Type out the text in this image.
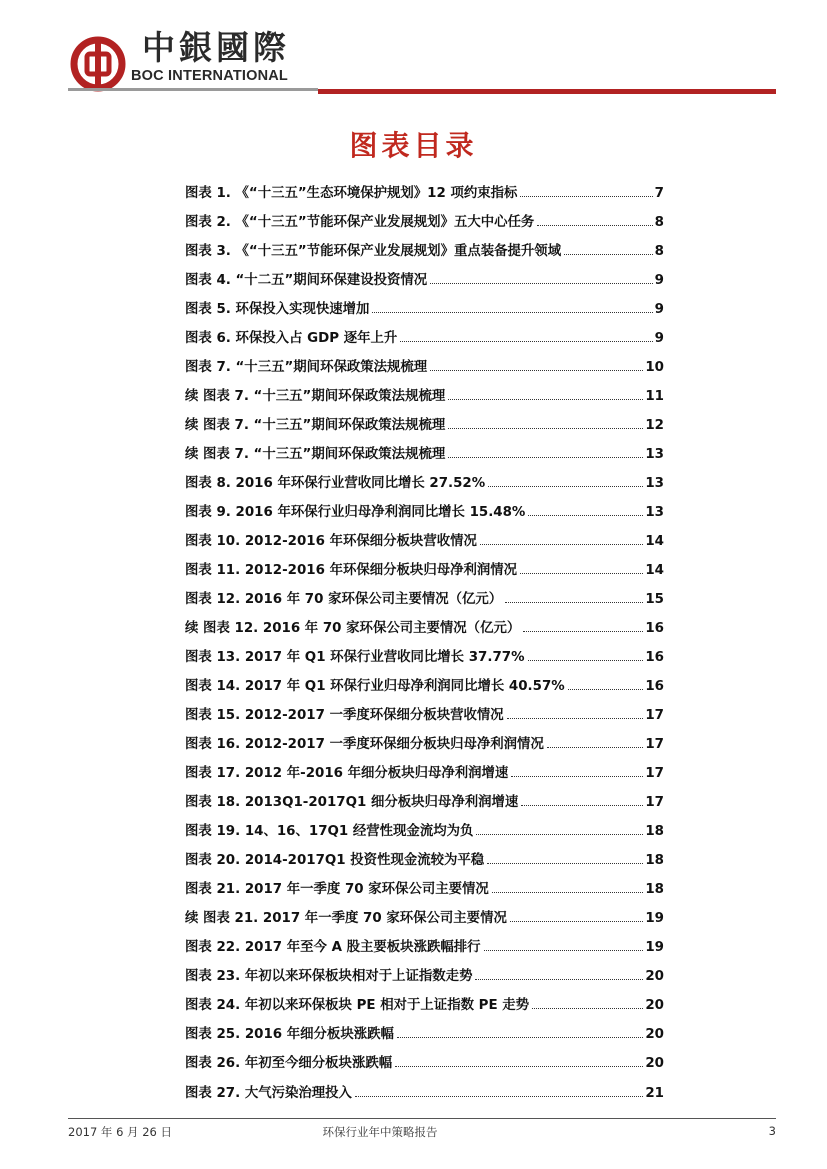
中銀國際
BOC INTERNATIONAL
图表目录
图表 1. 《“十三五”生态环境保护规划》12 项约束指标	7
图表 2. 《“十三五”节能环保产业发展规划》五大中心任务	8
图表 3. 《“十三五”节能环保产业发展规划》重点装备提升领域	8
图表 4. “十二五”期间环保建设投资情况	9
图表 5. 环保投入实现快速增加	9
图表 6. 环保投入占 GDP 逐年上升	9
图表 7. “十三五”期间环保政策法规梳理	10
续 图表 7. “十三五”期间环保政策法规梳理	11
续 图表 7. “十三五”期间环保政策法规梳理	12
续 图表 7. “十三五”期间环保政策法规梳理	13
图表 8. 2016 年环保行业营收同比增长 27.52%	13
图表 9. 2016 年环保行业归母净利润同比增长 15.48%	13
图表 10. 2012-2016 年环保细分板块营收情况	14
图表 11. 2012-2016 年环保细分板块归母净利润情况	14
图表 12. 2016 年 70 家环保公司主要情况（亿元）	15
续 图表 12. 2016 年 70 家环保公司主要情况（亿元）	16
图表 13. 2017 年 Q1 环保行业营收同比增长 37.77%	16
图表 14. 2017 年 Q1 环保行业归母净利润同比增长 40.57%	16
图表 15. 2012-2017 一季度环保细分板块营收情况	17
图表 16. 2012-2017 一季度环保细分板块归母净利润情况	17
图表 17. 2012 年-2016 年细分板块归母净利润增速	17
图表 18. 2013Q1-2017Q1 细分板块归母净利润增速	17
图表 19. 14、16、17Q1 经营性现金流均为负	18
图表 20. 2014-2017Q1 投资性现金流较为平稳	18
图表 21. 2017 年一季度 70 家环保公司主要情况	18
续 图表 21. 2017 年一季度 70 家环保公司主要情况	19
图表 22. 2017 年至今 A 股主要板块涨跌幅排行	19
图表 23. 年初以来环保板块相对于上证指数走势	20
图表 24. 年初以来环保板块 PE 相对于上证指数 PE 走势	20
图表 25. 2016 年细分板块涨跌幅	20
图表 26. 年初至今细分板块涨跌幅	20
图表 27. 大气污染治理投入	21
2017 年 6 月 26 日	环保行业年中策略报告	3
